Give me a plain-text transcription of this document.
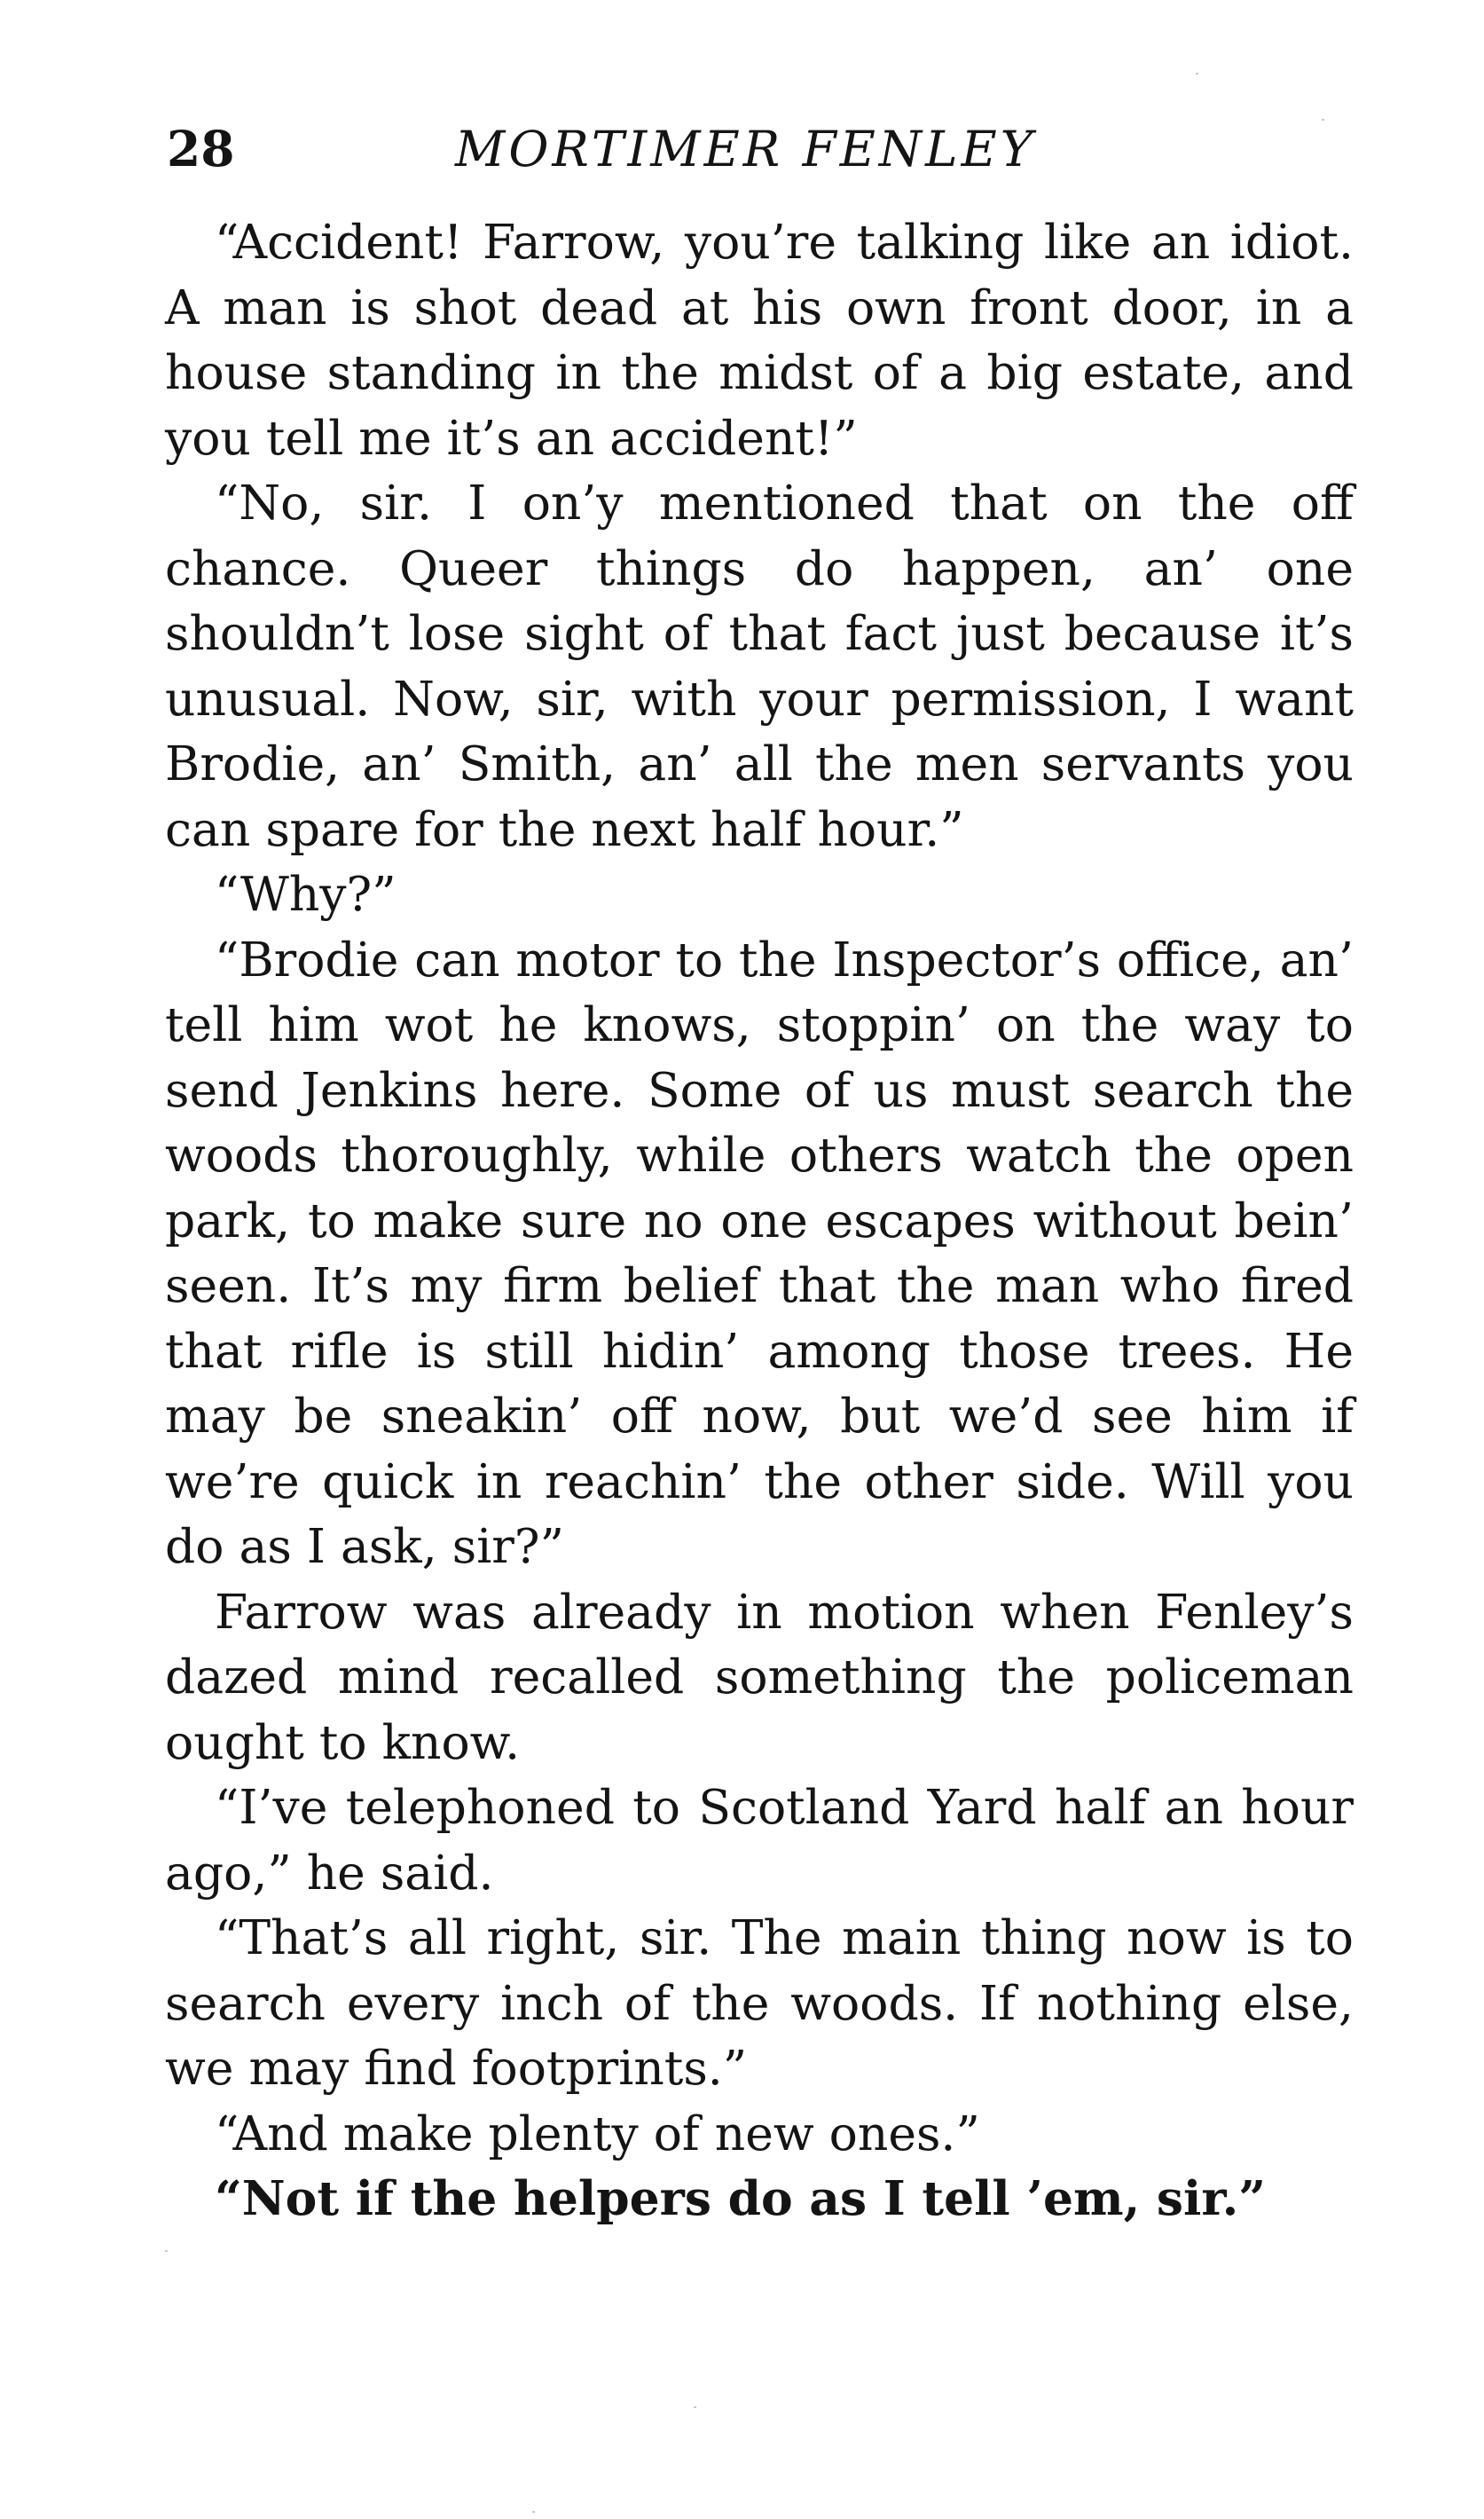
28	MORTIMER FENLEY

“Accident! Farrow, you’re talking like an idiot. A man is shot dead at his own front door, in a house standing in the midst of a big estate, and you tell me it’s an accident!”

“No, sir. I on’y mentioned that on the off chance. Queer things do happen, an’ one shouldn’t lose sight of that fact just because it’s unusual. Now, sir, with your permission, I want Brodie, an’ Smith, an’ all the men servants you can spare for the next half hour.”

“Why?”

“Brodie can motor to the Inspector’s office, an’ tell him wot he knows, stoppin’ on the way to send Jenkins here. Some of us must search the woods thoroughly, while others watch the open park, to make sure no one escapes without bein’ seen. It’s my firm belief that the man who fired that rifle is still hidin’ among those trees. He may be sneakin’ off now, but we’d see him if we’re quick in reachin’ the other side. Will you do as I ask, sir?”

Farrow was already in motion when Fenley’s dazed mind recalled something the policeman ought to know.

“I’ve telephoned to Scotland Yard half an hour ago,” he said.

“That’s all right, sir. The main thing now is to search every inch of the woods. If nothing else, we may find footprints.”

“And make plenty of new ones.”

“Not if the helpers do as I tell ’em, sir.”
